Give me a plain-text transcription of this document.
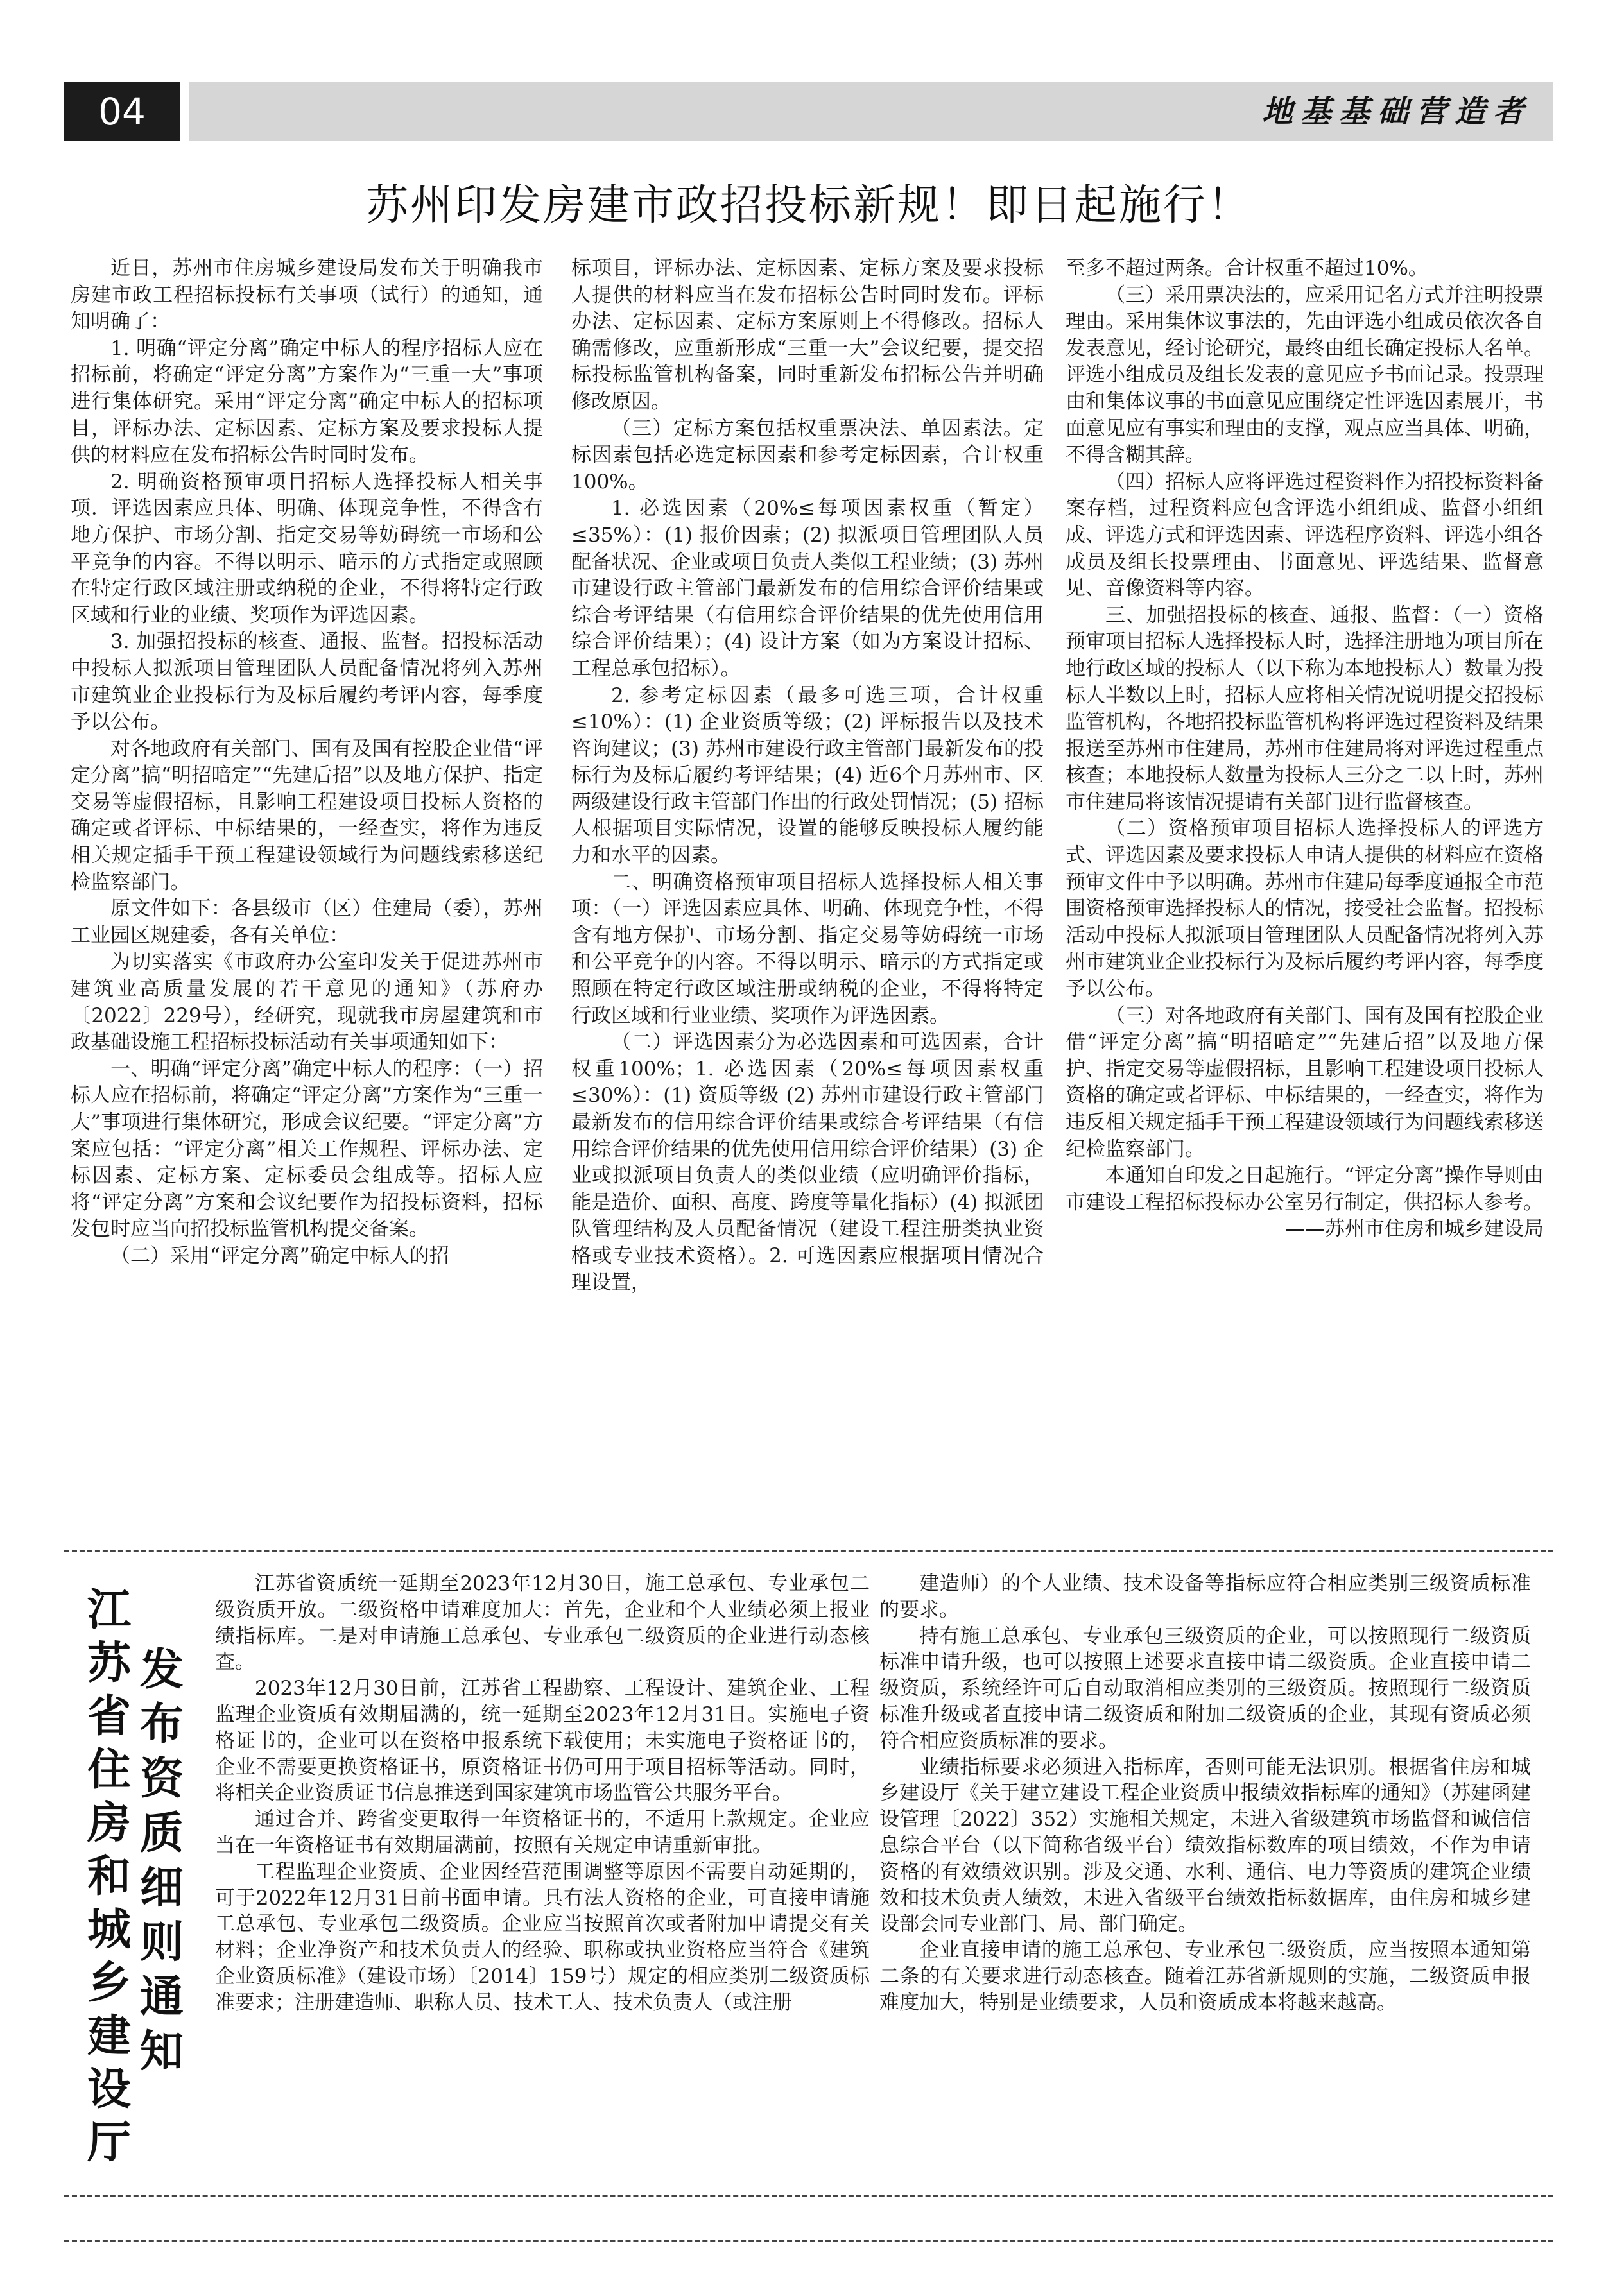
04	地基基础营造者
苏州印发房建市政招投标新规！即日起施行！

近日，苏州市住房城乡建设局发布关于明确我市房建市政工程招标投标有关事项（试行）的通知，通知明确了：

1. 明确“评定分离”确定中标人的程序招标人应在招标前，将确定“评定分离”方案作为“三重一大”事项进行集体研究。采用“评定分离”确定中标人的招标项目，评标办法、定标因素、定标方案及要求投标人提供的材料应在发布招标公告时同时发布。

2. 明确资格预审项目招标人选择投标人相关事项．评选因素应具体、明确、体现竞争性，不得含有地方保护、市场分割、指定交易等妨碍统一市场和公平竞争的内容。不得以明示、暗示的方式指定或照顾在特定行政区域注册或纳税的企业，不得将特定行政区域和行业的业绩、奖项作为评选因素。

3. 加强招投标的核查、通报、监督。招投标活动中投标人拟派项目管理团队人员配备情况将列入苏州市建筑业企业投标行为及标后履约考评内容，每季度予以公布。

对各地政府有关部门、国有及国有控股企业借“评定分离”搞“明招暗定”“先建后招”以及地方保护、指定交易等虚假招标，且影响工程建设项目投标人资格的确定或者评标、中标结果的，一经查实，将作为违反相关规定插手干预工程建设领域行为问题线索移送纪检监察部门。

原文件如下：各县级市（区）住建局（委），苏州工业园区规建委，各有关单位：

为切实落实《市政府办公室印发关于促进苏州市建筑业高质量发展的若干意见的通知》（苏府办〔2022〕229号），经研究，现就我市房屋建筑和市政基础设施工程招标投标活动有关事项通知如下：

一、明确“评定分离”确定中标人的程序：（一）招标人应在招标前，将确定“评定分离”方案作为“三重一大”事项进行集体研究，形成会议纪要。“评定分离”方案应包括：“评定分离”相关工作规程、评标办法、定标因素、定标方案、定标委员会组成等。招标人应将“评定分离”方案和会议纪要作为招投标资料，招标发包时应当向招投标监管机构提交备案。

（二）采用“评定分离”确定中标人的招

标项目，评标办法、定标因素、定标方案及要求投标人提供的材料应当在发布招标公告时同时发布。评标办法、定标因素、定标方案原则上不得修改。招标人确需修改，应重新形成“三重一大”会议纪要，提交招标投标监管机构备案，同时重新发布招标公告并明确修改原因。

（三）定标方案包括权重票决法、单因素法。定标因素包括必选定标因素和参考定标因素，合计权重100%。

1. 必选因素（20%≤每项因素权重（暂定）≤35%）：(1) 报价因素；(2) 拟派项目管理团队人员配备状况、企业或项目负责人类似工程业绩；(3) 苏州市建设行政主管部门最新发布的信用综合评价结果或综合考评结果（有信用综合评价结果的优先使用信用综合评价结果）；(4) 设计方案（如为方案设计招标、工程总承包招标）。

2. 参考定标因素（最多可选三项，合计权重≤10%）：(1) 企业资质等级；(2) 评标报告以及技术咨询建议；(3) 苏州市建设行政主管部门最新发布的投标行为及标后履约考评结果；(4) 近6个月苏州市、区两级建设行政主管部门作出的行政处罚情况；(5) 招标人根据项目实际情况，设置的能够反映投标人履约能力和水平的因素。

二、明确资格预审项目招标人选择投标人相关事项：（一）评选因素应具体、明确、体现竞争性，不得含有地方保护、市场分割、指定交易等妨碍统一市场和公平竞争的内容。不得以明示、暗示的方式指定或照顾在特定行政区域注册或纳税的企业，不得将特定行政区域和行业业绩、奖项作为评选因素。

（二）评选因素分为必选因素和可选因素，合计权重100%；1. 必选因素（20%≤每项因素权重≤30%）：(1) 资质等级 (2) 苏州市建设行政主管部门最新发布的信用综合评价结果或综合考评结果（有信用综合评价结果的优先使用信用综合评价结果）(3) 企业或拟派项目负责人的类似业绩（应明确评价指标，能是造价、面积、高度、跨度等量化指标）(4) 拟派团队管理结构及人员配备情况（建设工程注册类执业资格或专业技术资格）。2. 可选因素应根据项目情况合理设置，

至多不超过两条。合计权重不超过10%。

（三）采用票决法的，应采用记名方式并注明投票理由。采用集体议事法的，先由评选小组成员依次各自发表意见，经讨论研究，最终由组长确定投标人名单。评选小组成员及组长发表的意见应予书面记录。投票理由和集体议事的书面意见应围绕定性评选因素展开，书面意见应有事实和理由的支撑，观点应当具体、明确，不得含糊其辞。

（四）招标人应将评选过程资料作为招投标资料备案存档，过程资料应包含评选小组组成、监督小组组成、评选方式和评选因素、评选程序资料、评选小组各成员及组长投票理由、书面意见、评选结果、监督意见、音像资料等内容。

三、加强招投标的核查、通报、监督：（一）资格预审项目招标人选择投标人时，选择注册地为项目所在地行政区域的投标人（以下称为本地投标人）数量为投标人半数以上时，招标人应将相关情况说明提交招投标监管机构，各地招投标监管机构将评选过程资料及结果报送至苏州市住建局，苏州市住建局将对评选过程重点核查；本地投标人数量为投标人三分之二以上时，苏州市住建局将该情况提请有关部门进行监督核查。

（二）资格预审项目招标人选择投标人的评选方式、评选因素及要求投标人申请人提供的材料应在资格预审文件中予以明确。苏州市住建局每季度通报全市范围资格预审选择投标人的情况，接受社会监督。招投标活动中投标人拟派项目管理团队人员配备情况将列入苏州市建筑业企业投标行为及标后履约考评内容，每季度予以公布。

（三）对各地政府有关部门、国有及国有控股企业借“评定分离”搞“明招暗定”“先建后招”以及地方保护、指定交易等虚假招标，且影响工程建设项目投标人资格的确定或者评标、中标结果的，一经查实，将作为违反相关规定插手干预工程建设领域行为问题线索移送纪检监察部门。

本通知自印发之日起施行。“评定分离”操作导则由市建设工程招标投标办公室另行制定，供招标人参考。

——苏州市住房和城乡建设局

江
苏
省
住
房
和
城
乡
建
设
厅
发
布
资
质
细
则
通
知

江苏省资质统一延期至2023年12月30日，施工总承包、专业承包二级资质开放。二级资格申请难度加大：首先，企业和个人业绩必须上报业绩指标库。二是对申请施工总承包、专业承包二级资质的企业进行动态核查。

2023年12月30日前，江苏省工程勘察、工程设计、建筑企业、工程监理企业资质有效期届满的，统一延期至2023年12月31日。实施电子资格证书的，企业可以在资格申报系统下载使用；未实施电子资格证书的，企业不需要更换资格证书，原资格证书仍可用于项目招标等活动。同时，将相关企业资质证书信息推送到国家建筑市场监管公共服务平台。

通过合并、跨省变更取得一年资格证书的，不适用上款规定。企业应当在一年资格证书有效期届满前，按照有关规定申请重新审批。

工程监理企业资质、企业因经营范围调整等原因不需要自动延期的，可于2022年12月31日前书面申请。具有法人资格的企业，可直接申请施工总承包、专业承包二级资质。企业应当按照首次或者附加申请提交有关材料；企业净资产和技术负责人的经验、职称或执业资格应当符合《建筑企业资质标准》（建设市场）〔2014〕159号）规定的相应类别二级资质标准要求；注册建造师、职称人员、技术工人、技术负责人（或注册

建造师）的个人业绩、技术设备等指标应符合相应类别三级资质标准的要求。

持有施工总承包、专业承包三级资质的企业，可以按照现行二级资质标准申请升级，也可以按照上述要求直接申请二级资质。企业直接申请二级资质，系统经许可后自动取消相应类别的三级资质。按照现行二级资质标准升级或者直接申请二级资质和附加二级资质的企业，其现有资质必须符合相应资质标准的要求。

业绩指标要求必须进入指标库，否则可能无法识别。根据省住房和城乡建设厅《关于建立建设工程企业资质申报绩效指标库的通知》（苏建函建设管理〔2022〕352）实施相关规定，未进入省级建筑市场监督和诚信信息综合平台（以下简称省级平台）绩效指标数库的项目绩效，不作为申请资格的有效绩效识别。涉及交通、水利、通信、电力等资质的建筑企业绩效和技术负责人绩效，未进入省级平台绩效指标数据库，由住房和城乡建设部会同专业部门、局、部门确定。

企业直接申请的施工总承包、专业承包二级资质，应当按照本通知第二条的有关要求进行动态核查。随着江苏省新规则的实施，二级资质申报难度加大，特别是业绩要求，人员和资质成本将越来越高。
